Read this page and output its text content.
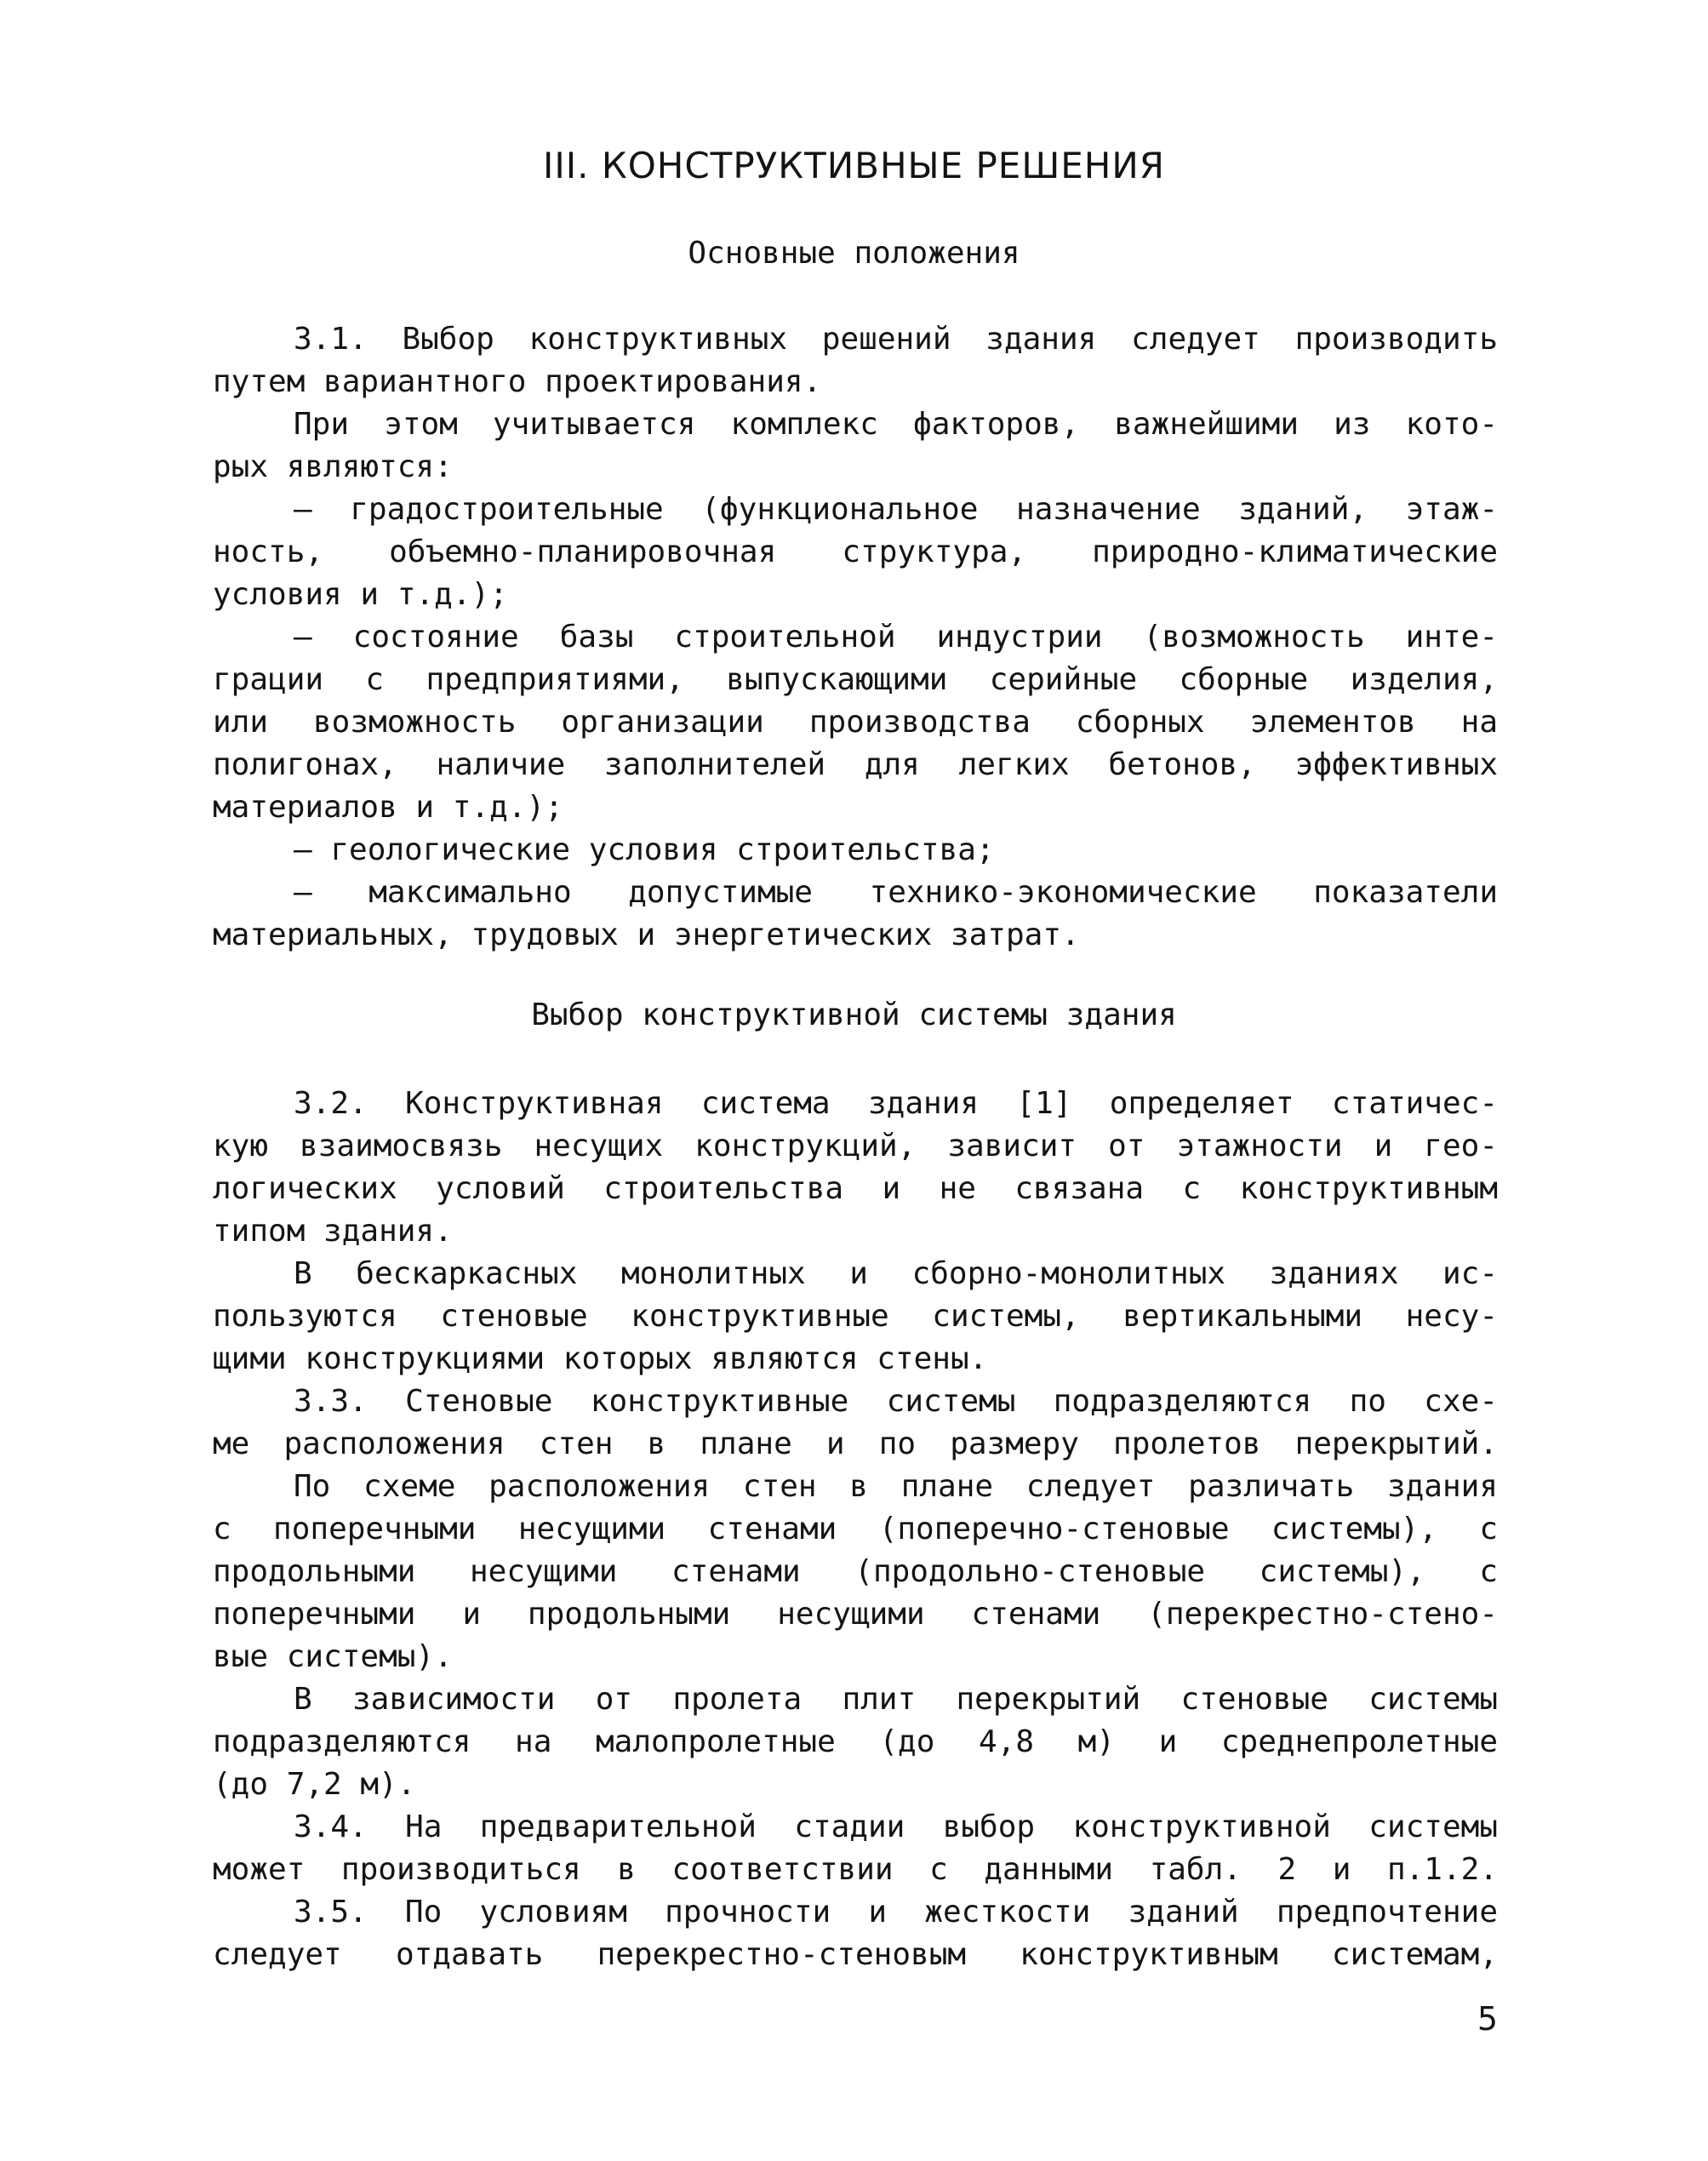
III. КОНСТРУКТИВНЫЕ РЕШЕНИЯ
Основные положения
3.1. Выбор конструктивных решений здания следует производить
путем вариантного проектирования.
При этом учитывается комплекс факторов, важнейшими из кото-
рых являются:
– градостроительные (функциональное назначение зданий, этаж-
ность, объемно-планировочная структура, природно-климатические
условия и т.д.);
– состояние базы строительной индустрии (возможность инте-
грации с предприятиями, выпускающими серийные сборные изделия,
или возможность организации производства сборных элементов на
полигонах, наличие заполнителей для легких бетонов, эффективных
материалов и т.д.);
– геологические условия строительства;
– максимально допустимые технико-экономические показатели
материальных, трудовых и энергетических затрат.
Выбор конструктивной системы здания
3.2. Конструктивная система здания [1] определяет статичес-
кую взаимосвязь несущих конструкций, зависит от этажности и гео-
логических условий строительства и не связана с конструктивным
типом здания.
В бескаркасных монолитных и сборно-монолитных зданиях ис-
пользуются стеновые конструктивные системы, вертикальными несу-
щими конструкциями которых являются стены.
3.3. Стеновые конструктивные системы подразделяются по схе-
ме расположения стен в плане и по размеру пролетов перекрытий.
По схеме расположения стен в плане следует различать здания
с поперечными несущими стенами (поперечно-стеновые системы), с
продольными несущими стенами (продольно-стеновые системы), с
поперечными и продольными несущими стенами (перекрестно-стено-
вые системы).
В зависимости от пролета плит перекрытий стеновые системы
подразделяются на малопролетные (до 4,8 м) и среднепролетные
(до 7,2 м).
3.4. На предварительной стадии выбор конструктивной системы
может производиться в соответствии с данными табл. 2 и п.1.2.
3.5. По условиям прочности и жесткости зданий предпочтение
следует отдавать перекрестно-стеновым конструктивным системам,
5
